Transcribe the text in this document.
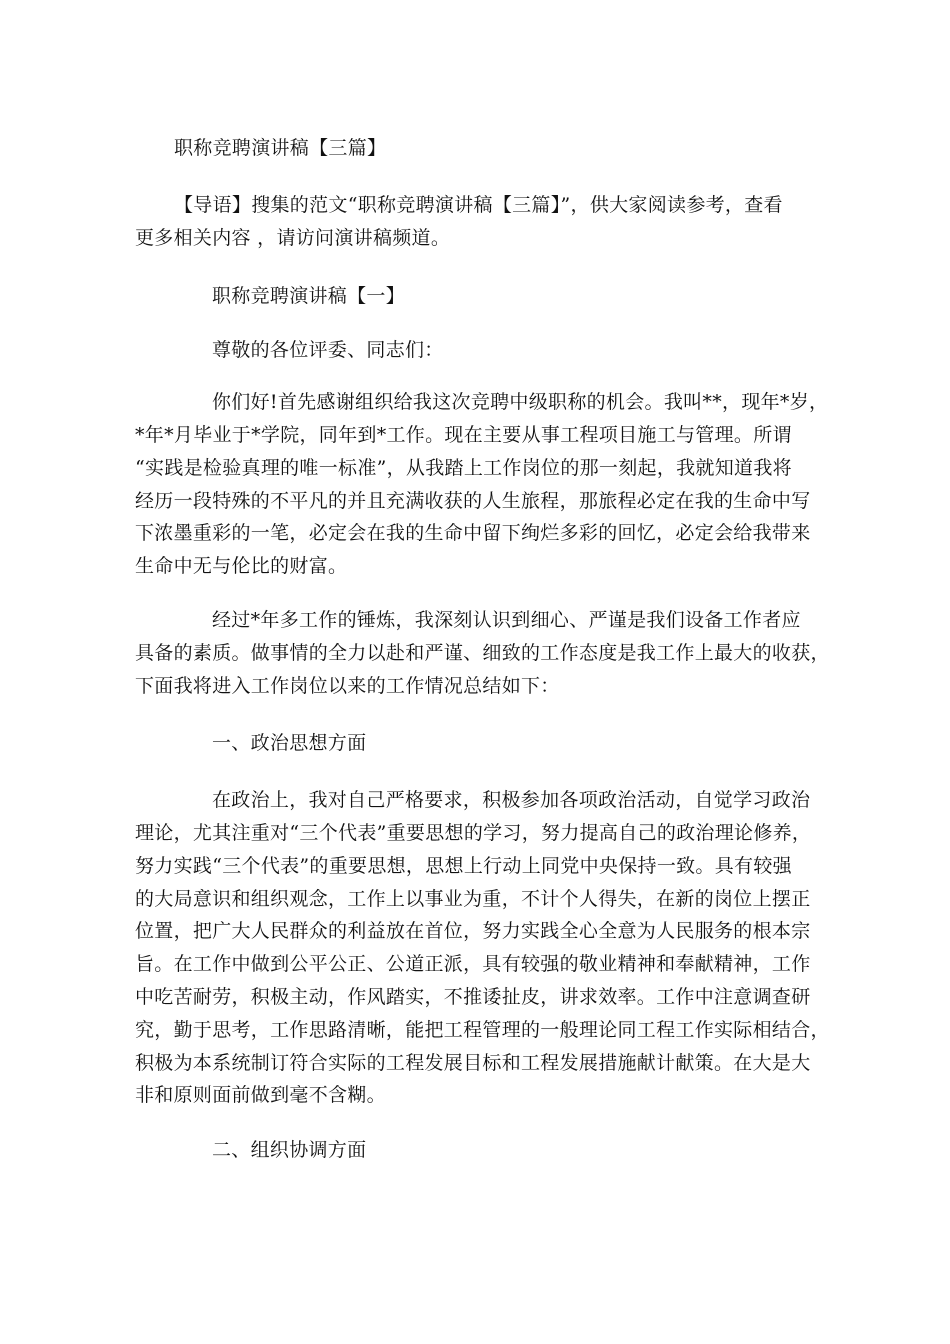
职称竞聘演讲稿【三篇】
【导语】搜集的范文“职称竞聘演讲稿【三篇】”，供大家阅读参考，查看
更多相关内容 ，请访问演讲稿频道。
职称竞聘演讲稿【一】
尊敬的各位评委、同志们：
你们好!首先感谢组织给我这次竞聘中级职称的机会。我叫**，现年*岁，
*年*月毕业于*学院，同年到*工作。现在主要从事工程项目施工与管理。所谓
“实践是检验真理的唯一标准”，从我踏上工作岗位的那一刻起，我就知道我将
经历一段特殊的不平凡的并且充满收获的人生旅程，那旅程必定在我的生命中写
下浓墨重彩的一笔，必定会在我的生命中留下绚烂多彩的回忆，必定会给我带来
生命中无与伦比的财富。
经过*年多工作的锤炼，我深刻认识到细心、严谨是我们设备工作者应
具备的素质。做事情的全力以赴和严谨、细致的工作态度是我工作上最大的收获，
下面我将进入工作岗位以来的工作情况总结如下：
一、政治思想方面
在政治上，我对自己严格要求，积极参加各项政治活动，自觉学习政治
理论，尤其注重对“三个代表”重要思想的学习，努力提高自己的政治理论修养，
努力实践“三个代表”的重要思想，思想上行动上同党中央保持一致。具有较强
的大局意识和组织观念，工作上以事业为重，不计个人得失，在新的岗位上摆正
位置，把广大人民群众的利益放在首位，努力实践全心全意为人民服务的根本宗
旨。在工作中做到公平公正、公道正派，具有较强的敬业精神和奉献精神，工作
中吃苦耐劳，积极主动，作风踏实，不推诿扯皮，讲求效率。工作中注意调查研
究，勤于思考，工作思路清晰，能把工程管理的一般理论同工程工作实际相结合，
积极为本系统制订符合实际的工程发展目标和工程发展措施献计献策。在大是大
非和原则面前做到毫不含糊。
二、组织协调方面
